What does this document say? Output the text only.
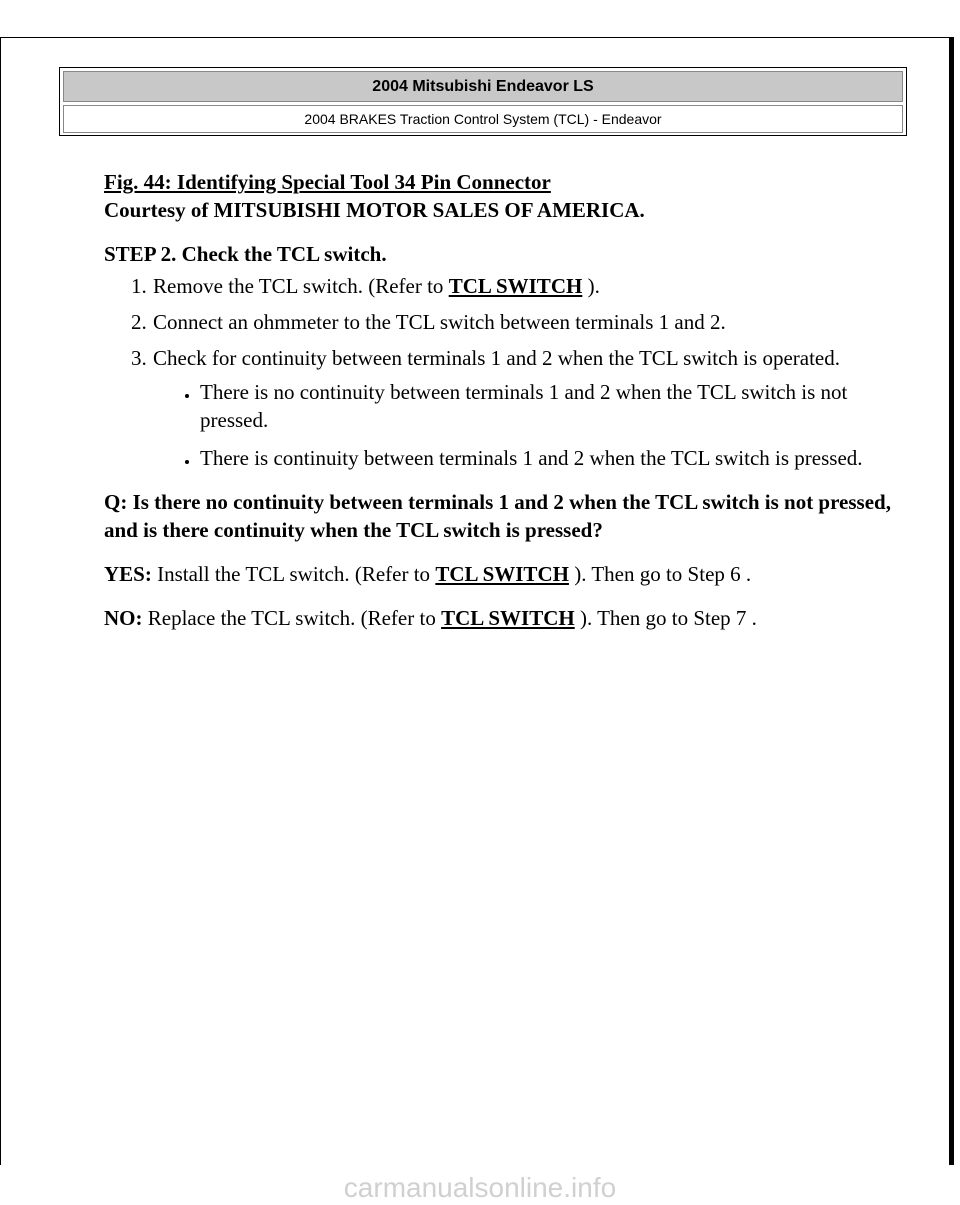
2004 Mitsubishi Endeavor LS
2004 BRAKES Traction Control System (TCL) - Endeavor
Fig. 44: Identifying Special Tool 34 Pin Connector
Courtesy of MITSUBISHI MOTOR SALES OF AMERICA.
STEP 2. Check the TCL switch.
1. Remove the TCL switch. (Refer to TCL SWITCH ).
2. Connect an ohmmeter to the TCL switch between terminals 1 and 2.
3. Check for continuity between terminals 1 and 2 when the TCL switch is operated.
• There is no continuity between terminals 1 and 2 when the TCL switch is not pressed.
• There is continuity between terminals 1 and 2 when the TCL switch is pressed.
Q: Is there no continuity between terminals 1 and 2 when the TCL switch is not pressed, and is there continuity when the TCL switch is pressed?
YES: Install the TCL switch. (Refer to TCL SWITCH ). Then go to Step 6 .
NO: Replace the TCL switch. (Refer to TCL SWITCH ). Then go to Step 7 .
carmanualsonline.info
